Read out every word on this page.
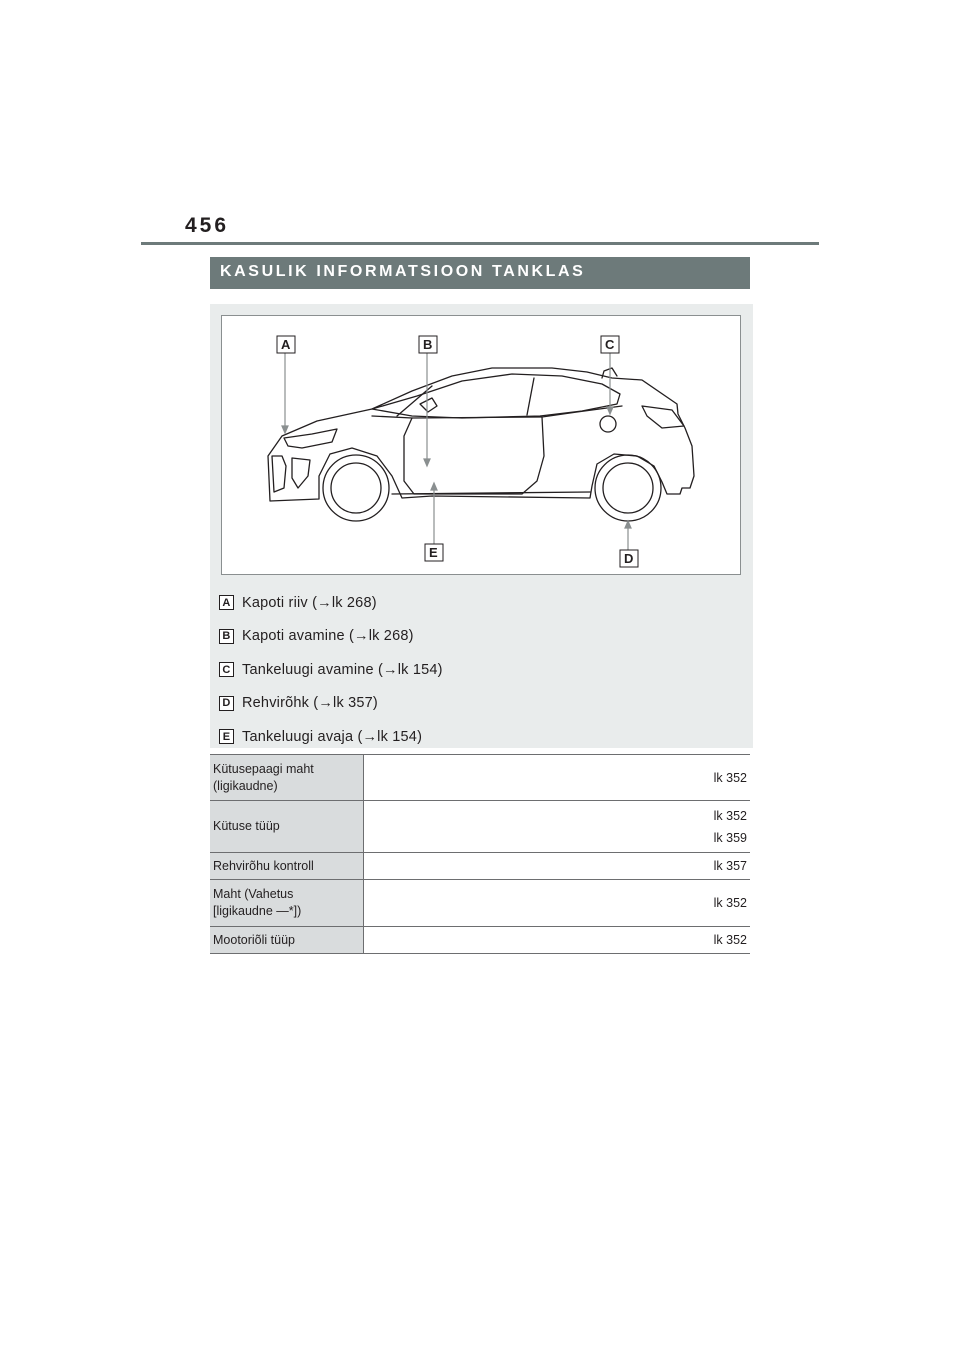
456
KASULIK INFORMATSIOON TANKLAS
A	B	C
D
E
A Kapoti riiv (→lk 268)
B Kapoti avamine (→lk 268)
C Tankeluugi avamine (→lk 154)
D Rehvirõhk (→lk 357)
E Tankeluugi avaja (→lk 154)
Kütusepaagi maht
(ligikaudne)	lk 352

Kütuse tüüp	lk 352
lk 359

Rehvirõhu kontroll	lk 357

Maht (Vahetus
[ligikaudne —*])	lk 352

Mootoriõli tüüp	lk 352
